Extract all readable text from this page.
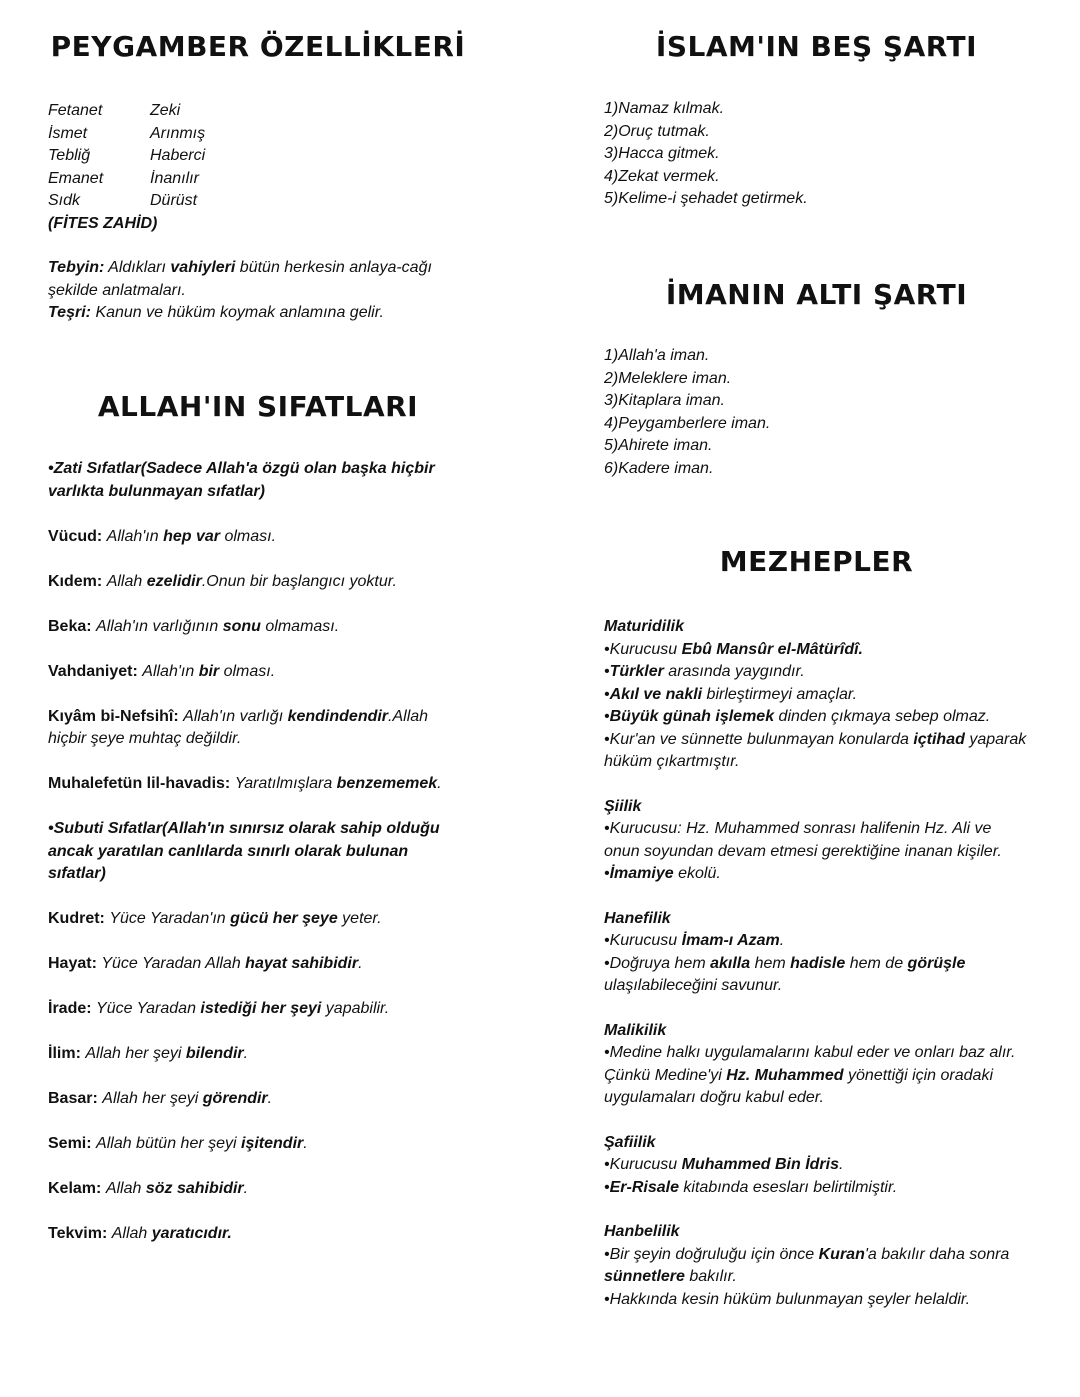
PEYGAMBER ÖZELLİKLERİ
Fetanet	Zeki
İsmet	Arınmış
Tebliğ	Haberci
Emanet	İnanılır
Sıdk	Dürüst

(FİTES ZAHİD)

Tebyin: Aldıkları vahiyleri bütün herkesin anlaya-cağı şekilde anlatmaları.

Teşri: Kanun ve hüküm koymak anlamına gelir.

ALLAH'IN SIFATLARI

•Zati Sıfatlar(Sadece Allah'a özgü olan başka hiçbir varlıkta bulunmayan sıfatlar)

Vücud: Allah'ın hep var olması.

Kıdem: Allah ezelidir.Onun bir başlangıcı yoktur.

Beka: Allah'ın varlığının sonu olmaması.

Vahdaniyet: Allah'ın bir olması.

Kıyâm bi-Nefsihî: Allah'ın varlığı kendindendir.Allah hiçbir şeye muhtaç değildir.

Muhalefetün lil-havadis: Yaratılmışlara benzememek.

•Subuti Sıfatlar(Allah'ın sınırsız olarak sahip olduğu ancak yaratılan canlılarda sınırlı olarak bulunan sıfatlar)

Kudret: Yüce Yaradan'ın gücü her şeye yeter.

Hayat: Yüce Yaradan Allah hayat sahibidir.

İrade: Yüce Yaradan istediği her şeyi yapabilir.

İlim: Allah her şeyi bilendir.

Basar: Allah her şeyi görendir.

Semi: Allah bütün her şeyi işitendir.

Kelam: Allah söz sahibidir.

Tekvim: Allah yaratıcıdır.

İSLAM'IN BEŞ ŞARTI

1)Namaz kılmak.

2)Oruç tutmak.

3)Hacca gitmek.

4)Zekat vermek.

5)Kelime-i şehadet getirmek.

İMANIN ALTI ŞARTI

1)Allah'a iman.

2)Meleklere iman.

3)Kitaplara iman.

4)Peygamberlere iman.

5)Ahirete iman.

6)Kadere iman.

MEZHEPLER

Maturidilik

•Kurucusu Ebû Mansûr el-Mâtürîdî.

•Türkler arasında yaygındır.

•Akıl ve nakli birleştirmeyi amaçlar.

•Büyük günah işlemek dinden çıkmaya sebep olmaz.

•Kur'an ve sünnette bulunmayan konularda içtihad yaparak hüküm çıkartmıştır.

Şiilik

•Kurucusu: Hz. Muhammed sonrası halifenin Hz. Ali ve onun soyundan devam etmesi gerektiğine inanan kişiler.

•İmamiye ekolü.

Hanefilik

•Kurucusu İmam-ı Azam.

•Doğruya hem akılla hem hadisle hem de görüşle ulaşılabileceğini savunur.

Malikilik

•Medine halkı uygulamalarını kabul eder ve onları baz alır. Çünkü Medine'yi Hz. Muhammed yönettiği için oradaki uygulamaları doğru kabul eder.

Şafiilik

•Kurucusu Muhammed Bin İdris.

•Er-Risale kitabında esesları belirtilmiştir.

Hanbelilik

•Bir şeyin doğruluğu için önce Kuran'a bakılır daha sonra sünnetlere bakılır.

•Hakkında kesin hüküm bulunmayan şeyler helaldir.
